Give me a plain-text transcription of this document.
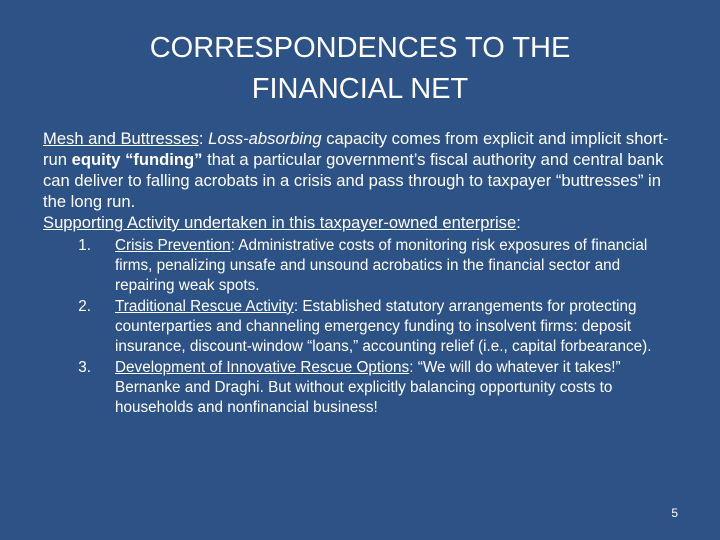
CORRESPONDENCES TO THE
FINANCIAL NET

Mesh and Buttresses: Loss-absorbing capacity comes from explicit and implicit short-run equity “funding” that a particular government’s fiscal authority and central bank can deliver to falling acrobats in a crisis and pass through to taxpayer “buttresses” in the long run.

Supporting Activity undertaken in this taxpayer-owned enterprise:

1. Crisis Prevention: Administrative costs of monitoring risk exposures of financial firms, penalizing unsafe and unsound acrobatics in the financial sector and repairing weak spots.
2. Traditional Rescue Activity: Established statutory arrangements for protecting counterparties and channeling emergency funding to insolvent firms: deposit insurance, discount-window “loans,” accounting relief (i.e., capital forbearance).
3. Development of Innovative Rescue Options: “We will do whatever it takes!” Bernanke and Draghi. But without explicitly balancing opportunity costs to households and nonfinancial business!
5
